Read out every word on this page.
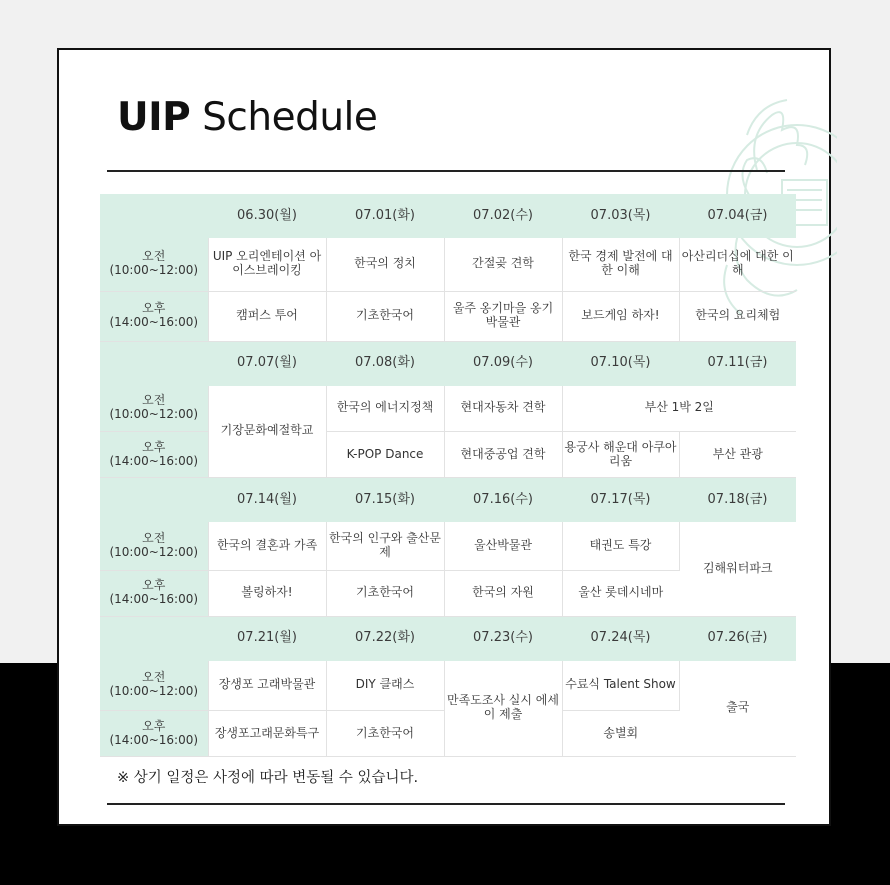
UIP Schedule
	06.30(월)	07.01(화)	07.02(수)	07.03(목)	07.04(금)

오전
(10:00~12:00)	UIP 오리엔테이션 아이스브레이킹	한국의 정치	간절곶 견학	한국 경제 발전에 대한 이해	아산리더십에 대한 이해

오후
(14:00~16:00)	캠퍼스 투어	기초한국어	울주 옹기마을 옹기 박물관	보드게임 하자!	한국의 요리체험
	07.07(월)	07.08(화)	07.09(수)	07.10(목)	07.11(금)

오전
(10:00~12:00)	기장문화예절학교	한국의 에너지정책	현대자동차 견학	부산 1박 2일	

오후
(14:00~16:00)		K-POP Dance	현대중공업 견학	용궁사 해운대 아쿠아리움	부산 관광
	07.14(월)	07.15(화)	07.16(수)	07.17(목)	07.18(금)

오전
(10:00~12:00)	한국의 결혼과 가족	한국의 인구와 출산문제	울산박물관	태권도 특강	김해워터파크

오후
(14:00~16:00)	볼링하자!	기초한국어	한국의 자원	울산 롯데시네마	
	07.21(월)	07.22(화)	07.23(수)	07.24(목)	07.26(금)

오전
(10:00~12:00)	장생포 고래박물관	DIY 클래스	만족도조사 실시 에세이 제출	수료식 Talent Show	출국

오후
(14:00~16:00)	장생포고래문화특구	기초한국어		송별회	
※ 상기 일정은 사정에 따라 변동될 수 있습니다.
